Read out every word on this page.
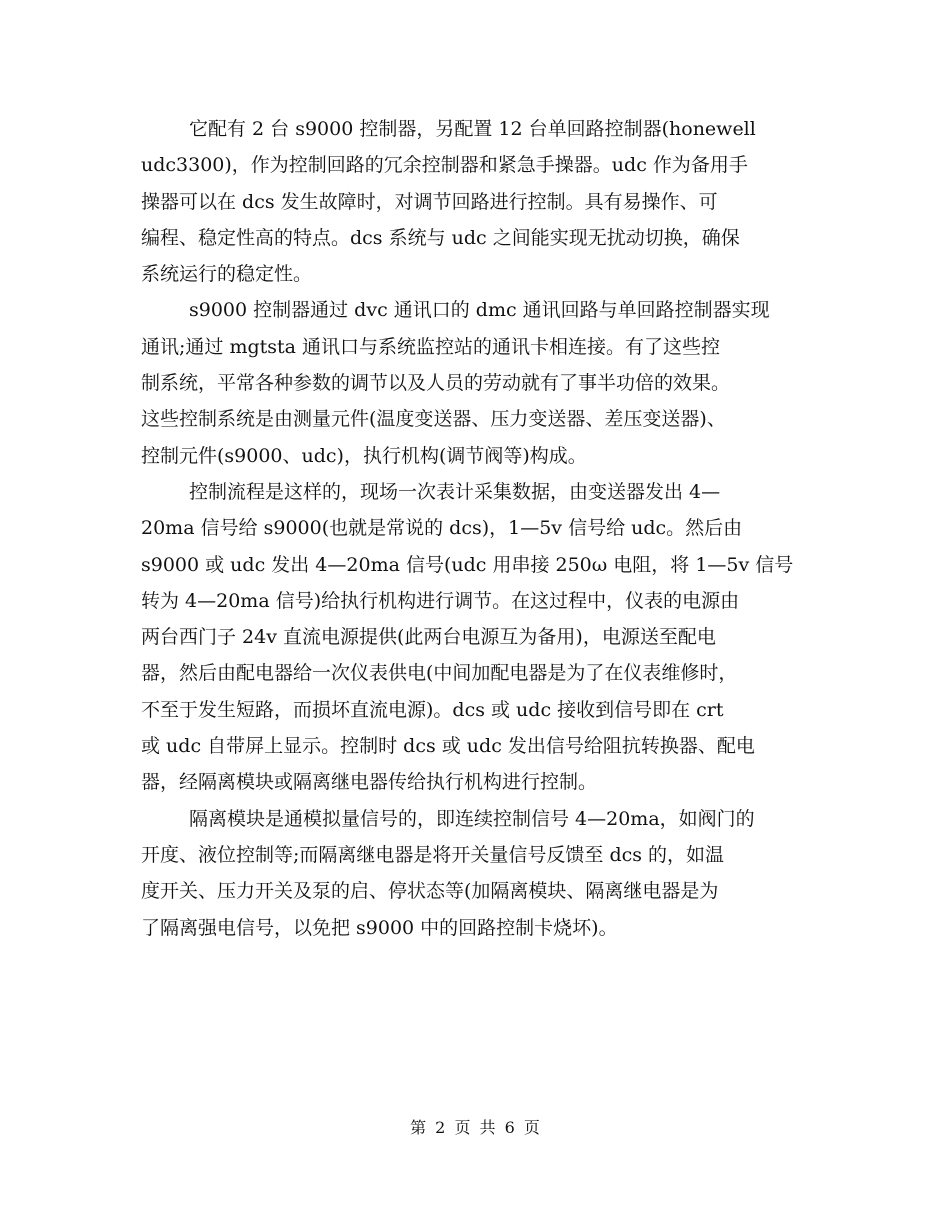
它配有 2 台 s9000 控制器，另配置 12 台单回路控制器(honewell
udc3300)，作为控制回路的冗余控制器和紧急手操器。udc 作为备用手
操器可以在 dcs 发生故障时，对调节回路进行控制。具有易操作、可
编程、稳定性高的特点。dcs 系统与 udc 之间能实现无扰动切换，确保
系统运行的稳定性。
s9000 控制器通过 dvc 通讯口的 dmc 通讯回路与单回路控制器实现
通讯;通过 mgtsta 通讯口与系统监控站的通讯卡相连接。有了这些控
制系统，平常各种参数的调节以及人员的劳动就有了事半功倍的效果。
这些控制系统是由测量元件(温度变送器、压力变送器、差压变送器)、
控制元件(s9000、udc)，执行机构(调节阀等)构成。
控制流程是这样的，现场一次表计采集数据，由变送器发出 4—
20ma 信号给 s9000(也就是常说的 dcs)，1—5v 信号给 udc。然后由
s9000 或 udc 发出 4—20ma 信号(udc 用串接 250ω 电阻，将 1—5v 信号
转为 4—20ma 信号)给执行机构进行调节。在这过程中，仪表的电源由
两台西门子 24v 直流电源提供(此两台电源互为备用)，电源送至配电
器，然后由配电器给一次仪表供电(中间加配电器是为了在仪表维修时，
不至于发生短路，而损坏直流电源)。dcs 或 udc 接收到信号即在 crt
或 udc 自带屏上显示。控制时 dcs 或 udc 发出信号给阻抗转换器、配电
器，经隔离模块或隔离继电器传给执行机构进行控制。
隔离模块是通模拟量信号的，即连续控制信号 4—20ma，如阀门的
开度、液位控制等;而隔离继电器是将开关量信号反馈至 dcs 的，如温
度开关、压力开关及泵的启、停状态等(加隔离模块、隔离继电器是为
了隔离强电信号，以免把 s9000 中的回路控制卡烧坏)。
第 2 页 共 6 页
